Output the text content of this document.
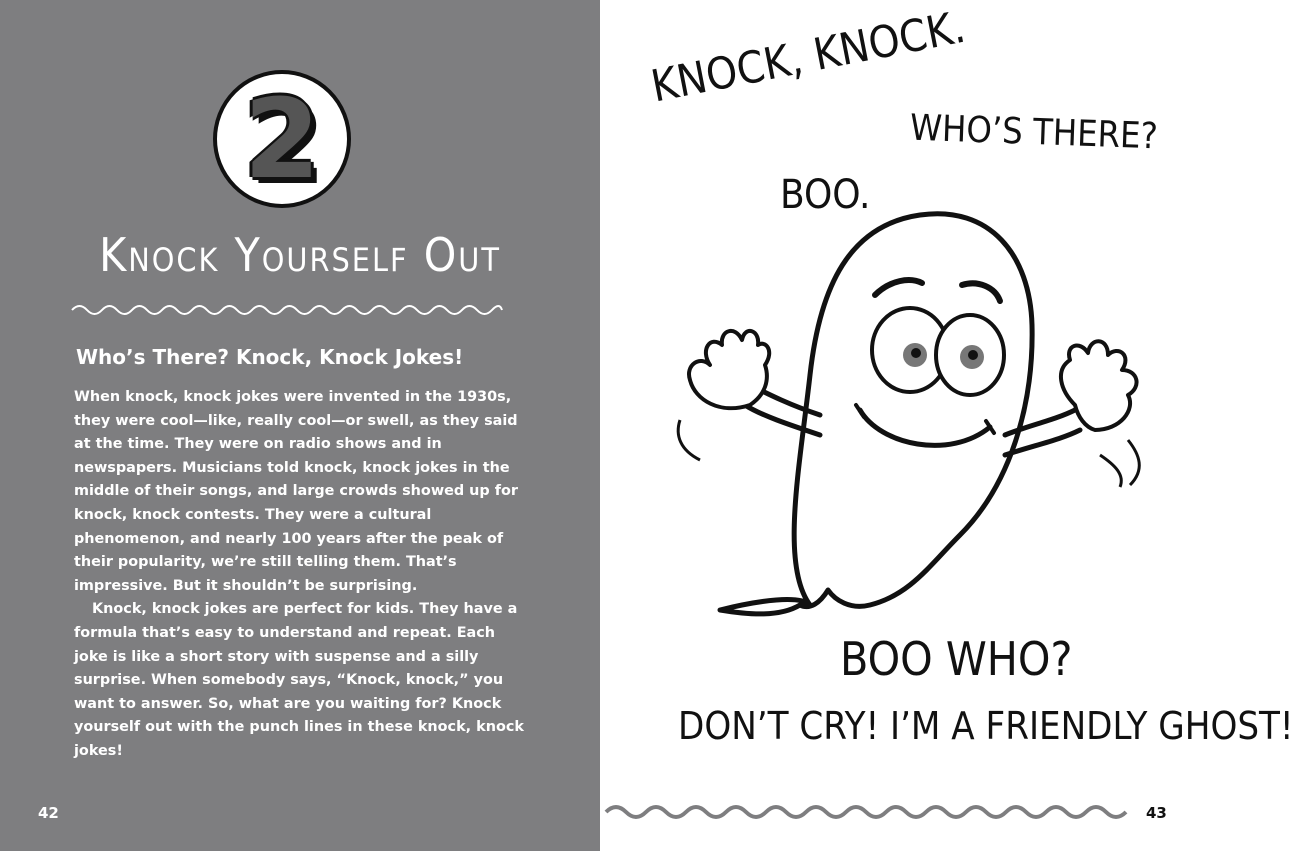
2
Knock Yourself Out
Who’s There? Knock, Knock Jokes!

When knock, knock jokes were invented in the 1930s, they were cool—like, really cool—or swell, as they said at the time. They were on radio shows and in newspapers. Musicians told knock, knock jokes in the middle of their songs, and large crowds showed up for knock, knock contests. They were a cultural phenomenon, and nearly 100 years after the peak of their popularity, we’re still telling them. That’s impressive. But it shouldn’t be surprising.

Knock, knock jokes are perfect for kids. They have a formula that’s easy to understand and repeat. Each joke is like a short story with suspense and a silly surprise. When somebody says, “Knock, knock,” you want to answer. So, what are you waiting for? Knock yourself out with the punch lines in these knock, knock jokes!

42
KNOCK, KNOCK.
WHO’S THERE?
BOO.
BOO WHO?
DON’T CRY! I’M A FRIENDLY GHOST!
43
